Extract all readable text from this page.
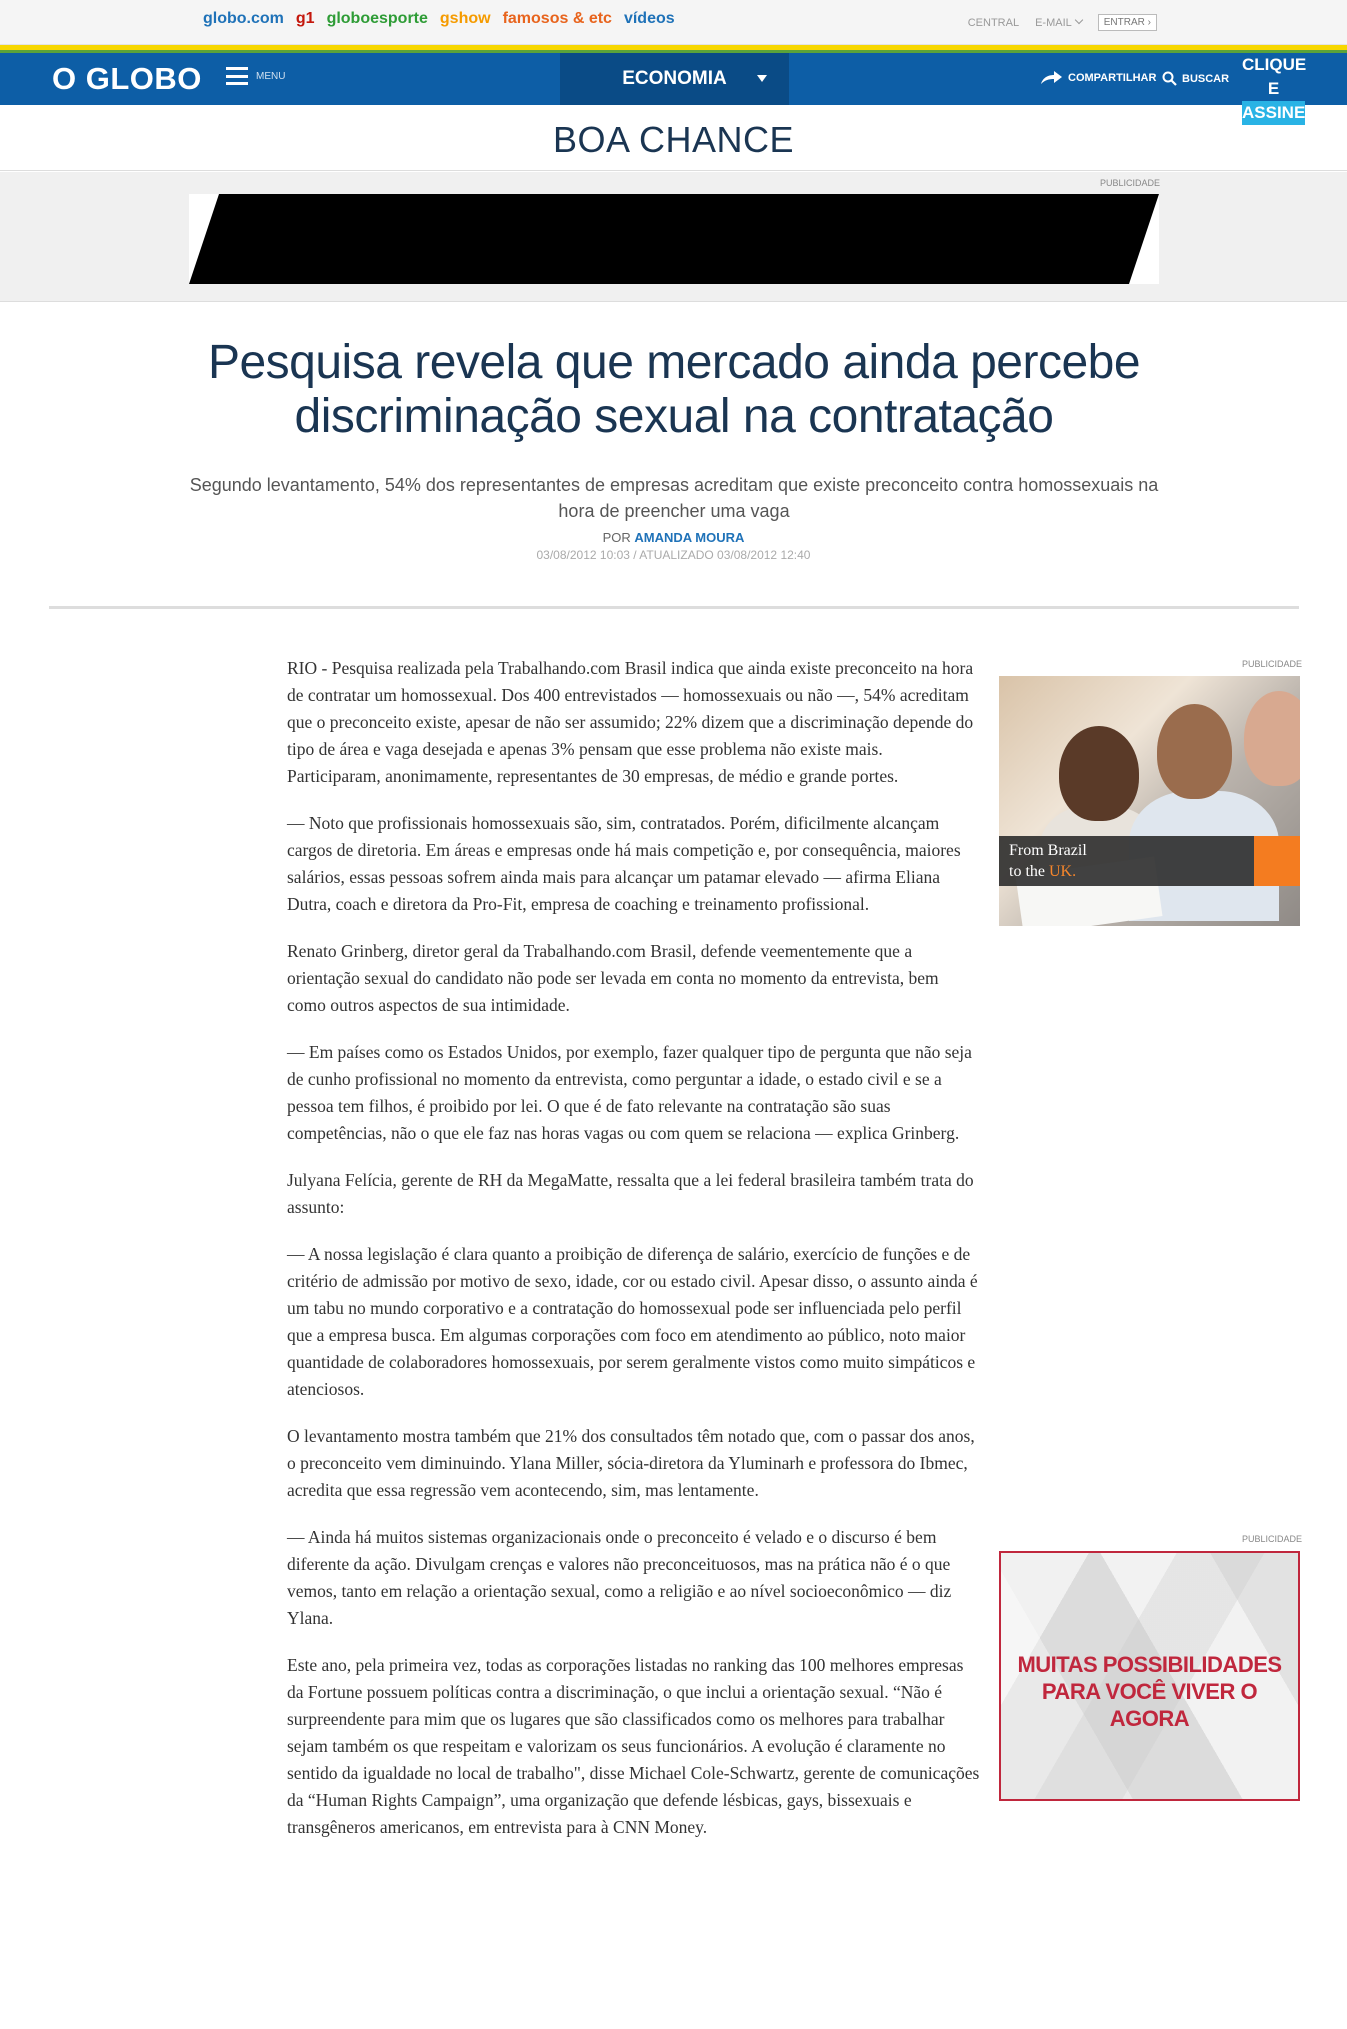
globo.com g1 globoesporte gshow famosos & etc vídeos	CENTRAL E-MAIL	ENTRAR ›
O GLOBO	MENU	ECONOMIA	COMPARTILHAR BUSCAR
CLIQUE E
ASSINE
BOA CHANCE
PUBLICIDADE
Pesquisa revela que mercado ainda percebe discriminação sexual na contratação

Segundo levantamento, 54% dos representantes de empresas acreditam que existe preconceito contra homossexuais na hora de preencher uma vaga

POR AMANDA MOURA
03/08/2012 10:03 / ATUALIZADO 03/08/2012 12:40

RIO - Pesquisa realizada pela Trabalhando.com Brasil indica que ainda existe preconceito na hora de contratar um homossexual. Dos 400 entrevistados — homossexuais ou não —, 54% acreditam que o preconceito existe, apesar de não ser assumido; 22% dizem que a discriminação depende do tipo de área e vaga desejada e apenas 3% pensam que esse problema não existe mais. Participaram, anonimamente, representantes de 30 empresas, de médio e grande portes.

— Noto que profissionais homossexuais são, sim, contratados. Porém, dificilmente alcançam cargos de diretoria. Em áreas e empresas onde há mais competição e, por consequência, maiores salários, essas pessoas sofrem ainda mais para alcançar um patamar elevado — afirma Eliana Dutra, coach e diretora da Pro-Fit, empresa de coaching e treinamento profissional.

Renato Grinberg, diretor geral da Trabalhando.com Brasil, defende veementemente que a orientação sexual do candidato não pode ser levada em conta no momento da entrevista, bem como outros aspectos de sua intimidade.

— Em países como os Estados Unidos, por exemplo, fazer qualquer tipo de pergunta que não seja de cunho profissional no momento da entrevista, como perguntar a idade, o estado civil e se a pessoa tem filhos, é proibido por lei. O que é de fato relevante na contratação são suas competências, não o que ele faz nas horas vagas ou com quem se relaciona — explica Grinberg.

Julyana Felícia, gerente de RH da MegaMatte, ressalta que a lei federal brasileira também trata do assunto:

— A nossa legislação é clara quanto a proibição de diferença de salário, exercício de funções e de critério de admissão por motivo de sexo, idade, cor ou estado civil. Apesar disso, o assunto ainda é um tabu no mundo corporativo e a contratação do homossexual pode ser influenciada pelo perfil que a empresa busca. Em algumas corporações com foco em atendimento ao público, noto maior quantidade de colaboradores homossexuais, por serem geralmente vistos como muito simpáticos e atenciosos.

O levantamento mostra também que 21% dos consultados têm notado que, com o passar dos anos, o preconceito vem diminuindo. Ylana Miller, sócia-diretora da Yluminarh e professora do Ibmec, acredita que essa regressão vem acontecendo, sim, mas lentamente.

— Ainda há muitos sistemas organizacionais onde o preconceito é velado e o discurso é bem diferente da ação. Divulgam crenças e valores não preconceituosos, mas na prática não é o que vemos, tanto em relação a orientação sexual, como a religião e ao nível socioeconômico — diz Ylana.

Este ano, pela primeira vez, todas as corporações listadas no ranking das 100 melhores empresas da Fortune possuem políticas contra a discriminação, o que inclui a orientação sexual. “Não é surpreendente para mim que os lugares que são classificados como os melhores para trabalhar sejam também os que respeitam e valorizam os seus funcionários. A evolução é claramente no sentido da igualdade no local de trabalho", disse Michael Cole-Schwartz, gerente de comunicações da “Human Rights Campaign”, uma organização que defende lésbicas, gays, bissexuais e transgêneros americanos, em entrevista para à CNN Money.

PUBLICIDADE
From Brazil
to the UK.
PUBLICIDADE
MUITAS POSSIBILIDADES
PARA VOCÊ VIVER O AGORA
